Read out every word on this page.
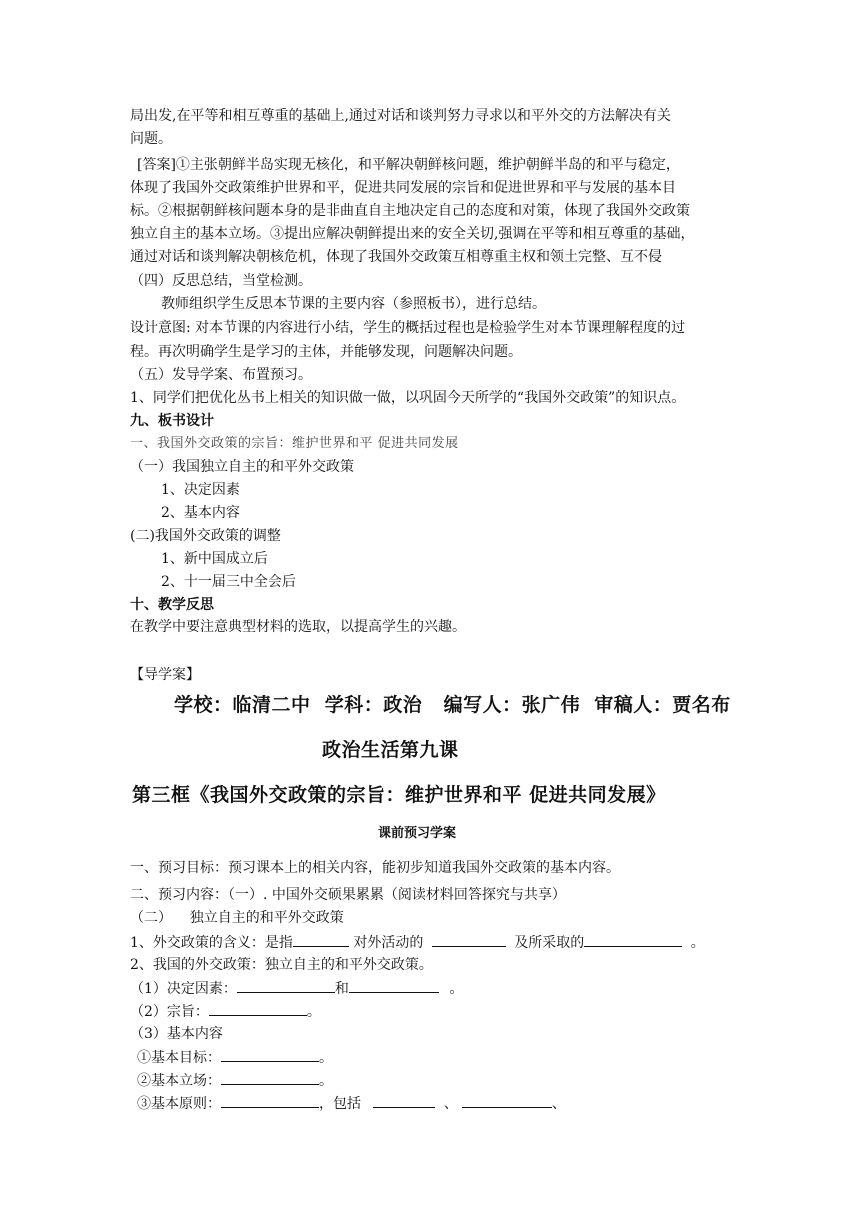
局出发,在平等和相互尊重的基础上,通过对话和谈判努力寻求以和平外交的方法解决有关
问题。
[答案]①主张朝鲜半岛实现无核化，和平解决朝鲜核问题，维护朝鲜半岛的和平与稳定，
体现了我国外交政策维护世界和平，促进共同发展的宗旨和促进世界和平与发展的基本目
标。②根据朝鲜核问题本身的是非曲直自主地决定自己的态度和对策，体现了我国外交政策
独立自主的基本立场。③提出应解决朝鲜提出来的安全关切,强调在平等和相互尊重的基础，
通过对话和谈判解决朝核危机，体现了我国外交政策互相尊重主权和领土完整、互不侵
（四）反思总结，当堂检测。
教师组织学生反思本节课的主要内容（参照板书），进行总结。
设计意图: 对本节课的内容进行小结，学生的概括过程也是检验学生对本节课理解程度的过
程。再次明确学生是学习的主体，并能够发现，问题解决问题。
（五）发导学案、布置预习。
1、同学们把优化丛书上相关的知识做一做，以巩固今天所学的“我国外交政策”的知识点。
九、板书设计
一、我国外交政策的宗旨：维护世界和平 促进共同发展
（一）我国独立自主的和平外交政策
1、决定因素
2、基本内容
(二)我国外交政策的调整
1、新中国成立后
2、十一届三中全会后
十、教学反思
在教学中要注意典型材料的选取，以提高学生的兴趣。
【导学案】
学校：临清二中  学科：政治   编写人：张广伟  审稿人：贾名布
政治生活第九课
第三框《我国外交政策的宗旨：维护世界和平 促进共同发展》
课前预习学案
一、预习目标：预习课本上的相关内容，能初步知道我国外交政策的基本内容。
二、预习内容：（一）. 中国外交硕果累累（阅读材料回答探究与共享）
（二）    独立自主的和平外交政策
1、外交政策的含义：是指	对外活动的	及所采取的	。
2、我国的外交政策：独立自主的和平外交政策。
（1）决定因素：	和	。
（2）宗旨：	。
（3）基本内容
①基本目标：	。
②基本立场：	。
③基本原则：	，包括	、	、
